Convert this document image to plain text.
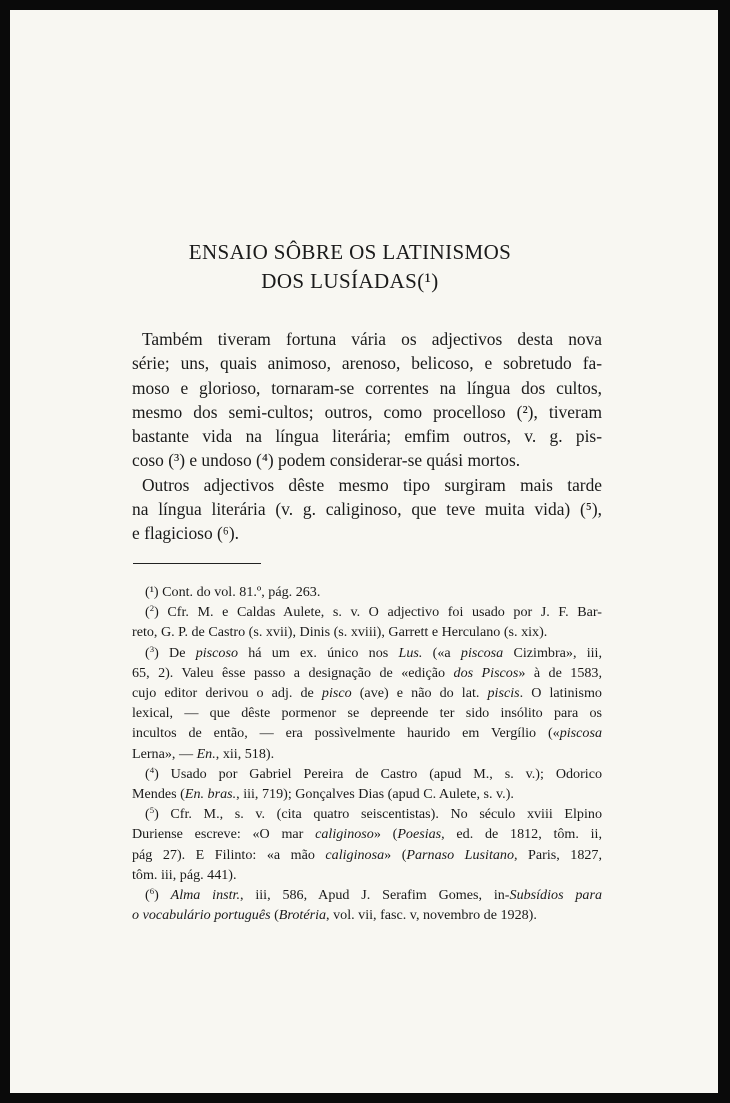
ENSAIO SÔBRE OS LATINISMOS
DOS LUSÍADAS(¹)
Também tiveram fortuna vária os adjectivos desta nova
série; uns, quais animoso, arenoso, belicoso, e sobretudo fa-
moso e glorioso, tornaram-se correntes na língua dos cultos,
mesmo dos semi-cultos; outros, como procelloso (²), tiveram
bastante vida na língua literária; emfim outros, v. g. pis-
coso (³) e undoso (⁴) podem considerar-se quási mortos.
Outros adjectivos dêste mesmo tipo surgiram mais tarde
na língua literária (v. g. caliginoso, que teve muita vida) (⁵),
e flagicioso (⁶).
(¹) Cont. do vol. 81.º, pág. 263.
($^2$) Cfr. M. e Caldas Aulete, s. v. O adjectivo foi usado por J. F. Bar-
reto, G. P. de Castro (s. xvii), Dinis (s. xviii), Garrett e Herculano (s. xix).
($^3$) De piscoso há um ex. único nos Lus. («a piscosa Cizimbra», iii,
65, 2). Valeu êsse passo a designação de «edição dos Piscos» à de 1583,
cujo editor derivou o adj. de pisco (ave) e não do lat. piscis. O latinismo
lexical, — que dêste pormenor se depreende ter sido insólito para os
incultos de então, — era possìvelmente haurido em Vergílio («piscosa
Lerna», — En., xii, 518).
($^4$) Usado por Gabriel Pereira de Castro (apud M., s. v.); Odorico
Mendes (En. bras., iii, 719); Gonçalves Dias (apud C. Aulete, s. v.).
($^5$) Cfr. M., s. v. (cita quatro seiscentistas). No século xviii Elpino
Duriense escreve: «O mar caliginoso» (Poesias, ed. de 1812, tôm. ii,
pág 27). E Filinto: «a mão caliginosa» (Parnaso Lusitano, Paris, 1827,
tôm. iii, pág. 441).
($^6$) Alma instr., iii, 586, Apud J. Serafim Gomes, in-Subsídios para
o vocabulário português (Brotéria, vol. vii, fasc. v, novembro de 1928).
